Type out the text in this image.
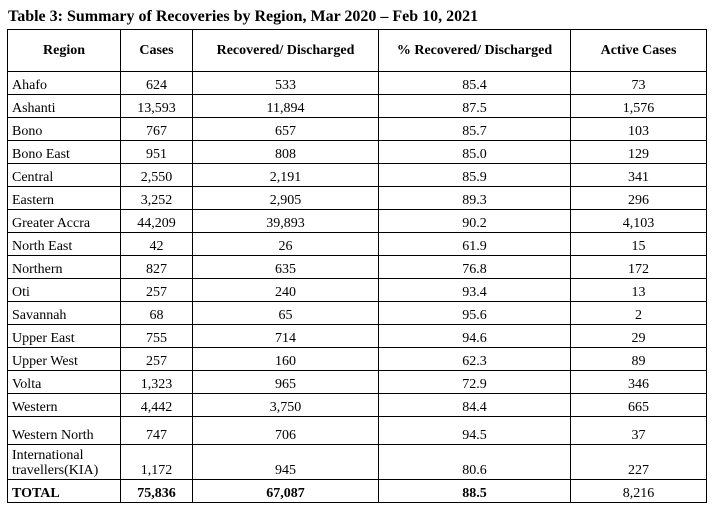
Table 3: Summary of Recoveries by Region, Mar 2020 – Feb 10, 2021
Region	Cases	Recovered/ Discharged	% Recovered/ Discharged	Active Cases
Ahafo	624	533	85.4	73
Ashanti	13,593	11,894	87.5	1,576
Bono	767	657	85.7	103
Bono East	951	808	85.0	129
Central	2,550	2,191	85.9	341
Eastern	3,252	2,905	89.3	296
Greater Accra	44,209	39,893	90.2	4,103
North East	42	26	61.9	15
Northern	827	635	76.8	172
Oti	257	240	93.4	13
Savannah	68	65	95.6	2
Upper East	755	714	94.6	29
Upper West	257	160	62.3	89
Volta	1,323	965	72.9	346
Western	4,442	3,750	84.4	665
Western North	747	706	94.5	37
International travellers(KIA)	1,172	945	80.6	227
TOTAL	75,836	67,087	88.5	8,216
